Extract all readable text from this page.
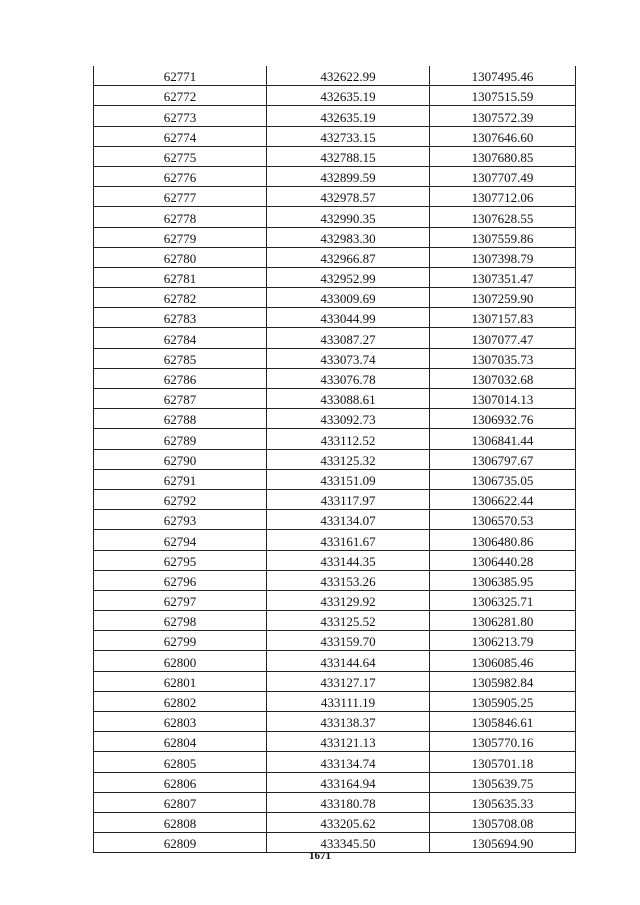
62771	432622.99	1307495.46
62772	432635.19	1307515.59
62773	432635.19	1307572.39
62774	432733.15	1307646.60
62775	432788.15	1307680.85
62776	432899.59	1307707.49
62777	432978.57	1307712.06
62778	432990.35	1307628.55
62779	432983.30	1307559.86
62780	432966.87	1307398.79
62781	432952.99	1307351.47
62782	433009.69	1307259.90
62783	433044.99	1307157.83
62784	433087.27	1307077.47
62785	433073.74	1307035.73
62786	433076.78	1307032.68
62787	433088.61	1307014.13
62788	433092.73	1306932.76
62789	433112.52	1306841.44
62790	433125.32	1306797.67
62791	433151.09	1306735.05
62792	433117.97	1306622.44
62793	433134.07	1306570.53
62794	433161.67	1306480.86
62795	433144.35	1306440.28
62796	433153.26	1306385.95
62797	433129.92	1306325.71
62798	433125.52	1306281.80
62799	433159.70	1306213.79
62800	433144.64	1306085.46
62801	433127.17	1305982.84
62802	433111.19	1305905.25
62803	433138.37	1305846.61
62804	433121.13	1305770.16
62805	433134.74	1305701.18
62806	433164.94	1305639.75
62807	433180.78	1305635.33
62808	433205.62	1305708.08
62809	433345.50	1305694.90
1671
